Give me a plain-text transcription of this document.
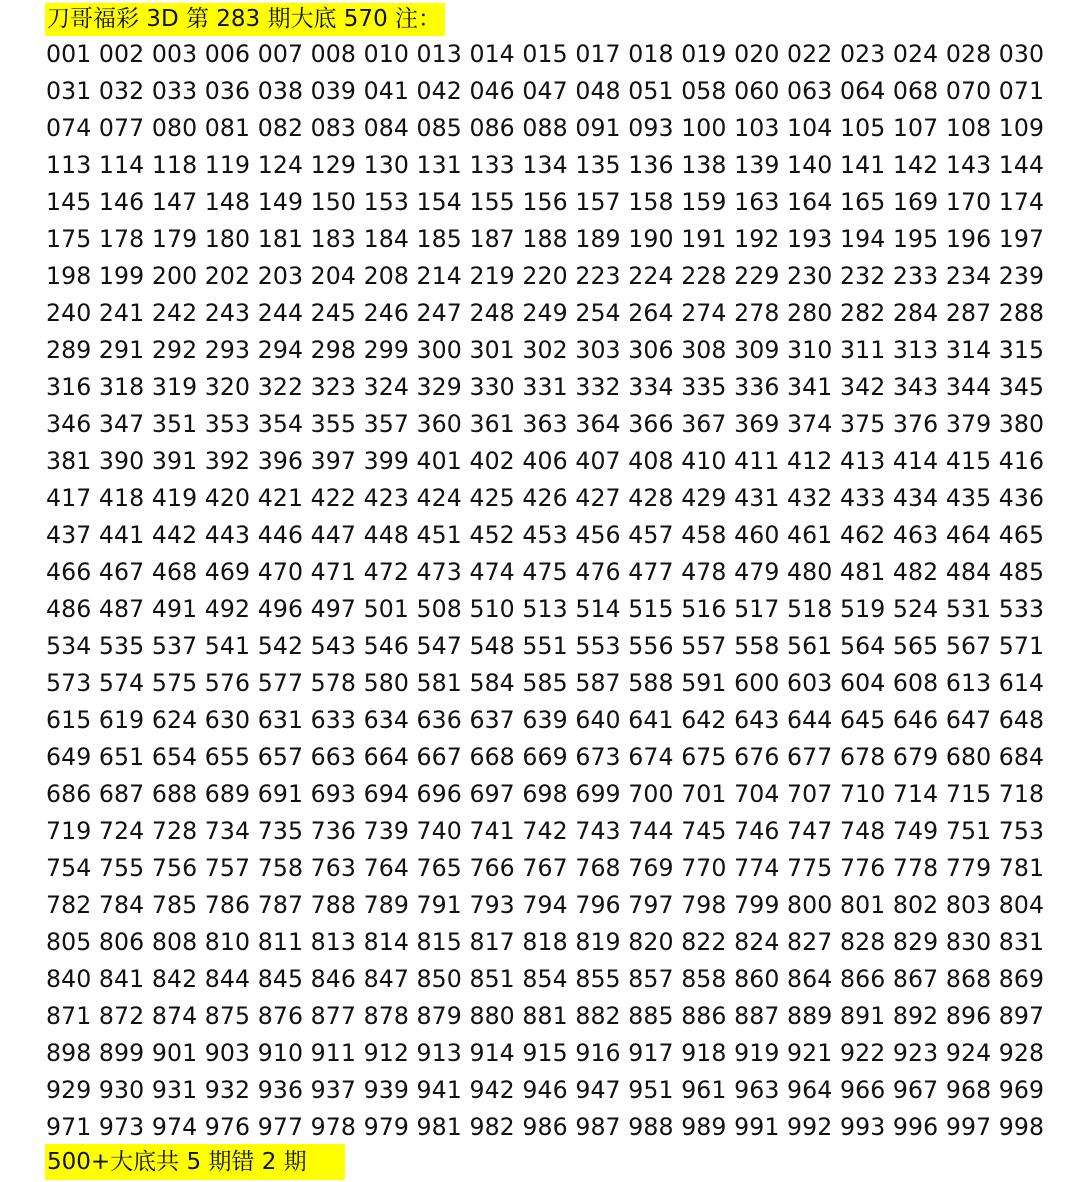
刀哥福彩 3D 第 283 期大底 570 注：
001 002 003 006 007 008 010 013 014 015 017 018 019 020 022 023 024 028 030
031 032 033 036 038 039 041 042 046 047 048 051 058 060 063 064 068 070 071
074 077 080 081 082 083 084 085 086 088 091 093 100 103 104 105 107 108 109
113 114 118 119 124 129 130 131 133 134 135 136 138 139 140 141 142 143 144
145 146 147 148 149 150 153 154 155 156 157 158 159 163 164 165 169 170 174
175 178 179 180 181 183 184 185 187 188 189 190 191 192 193 194 195 196 197
198 199 200 202 203 204 208 214 219 220 223 224 228 229 230 232 233 234 239
240 241 242 243 244 245 246 247 248 249 254 264 274 278 280 282 284 287 288
289 291 292 293 294 298 299 300 301 302 303 306 308 309 310 311 313 314 315
316 318 319 320 322 323 324 329 330 331 332 334 335 336 341 342 343 344 345
346 347 351 353 354 355 357 360 361 363 364 366 367 369 374 375 376 379 380
381 390 391 392 396 397 399 401 402 406 407 408 410 411 412 413 414 415 416
417 418 419 420 421 422 423 424 425 426 427 428 429 431 432 433 434 435 436
437 441 442 443 446 447 448 451 452 453 456 457 458 460 461 462 463 464 465
466 467 468 469 470 471 472 473 474 475 476 477 478 479 480 481 482 484 485
486 487 491 492 496 497 501 508 510 513 514 515 516 517 518 519 524 531 533
534 535 537 541 542 543 546 547 548 551 553 556 557 558 561 564 565 567 571
573 574 575 576 577 578 580 581 584 585 587 588 591 600 603 604 608 613 614
615 619 624 630 631 633 634 636 637 639 640 641 642 643 644 645 646 647 648
649 651 654 655 657 663 664 667 668 669 673 674 675 676 677 678 679 680 684
686 687 688 689 691 693 694 696 697 698 699 700 701 704 707 710 714 715 718
719 724 728 734 735 736 739 740 741 742 743 744 745 746 747 748 749 751 753
754 755 756 757 758 763 764 765 766 767 768 769 770 774 775 776 778 779 781
782 784 785 786 787 788 789 791 793 794 796 797 798 799 800 801 802 803 804
805 806 808 810 811 813 814 815 817 818 819 820 822 824 827 828 829 830 831
840 841 842 844 845 846 847 850 851 854 855 857 858 860 864 866 867 868 869
871 872 874 875 876 877 878 879 880 881 882 885 886 887 889 891 892 896 897
898 899 901 903 910 911 912 913 914 915 916 917 918 919 921 922 923 924 928
929 930 931 932 936 937 939 941 942 946 947 951 961 963 964 966 967 968 969
971 973 974 976 977 978 979 981 982 986 987 988 989 991 992 993 996 997 998
500+大底共 5 期错 2 期
